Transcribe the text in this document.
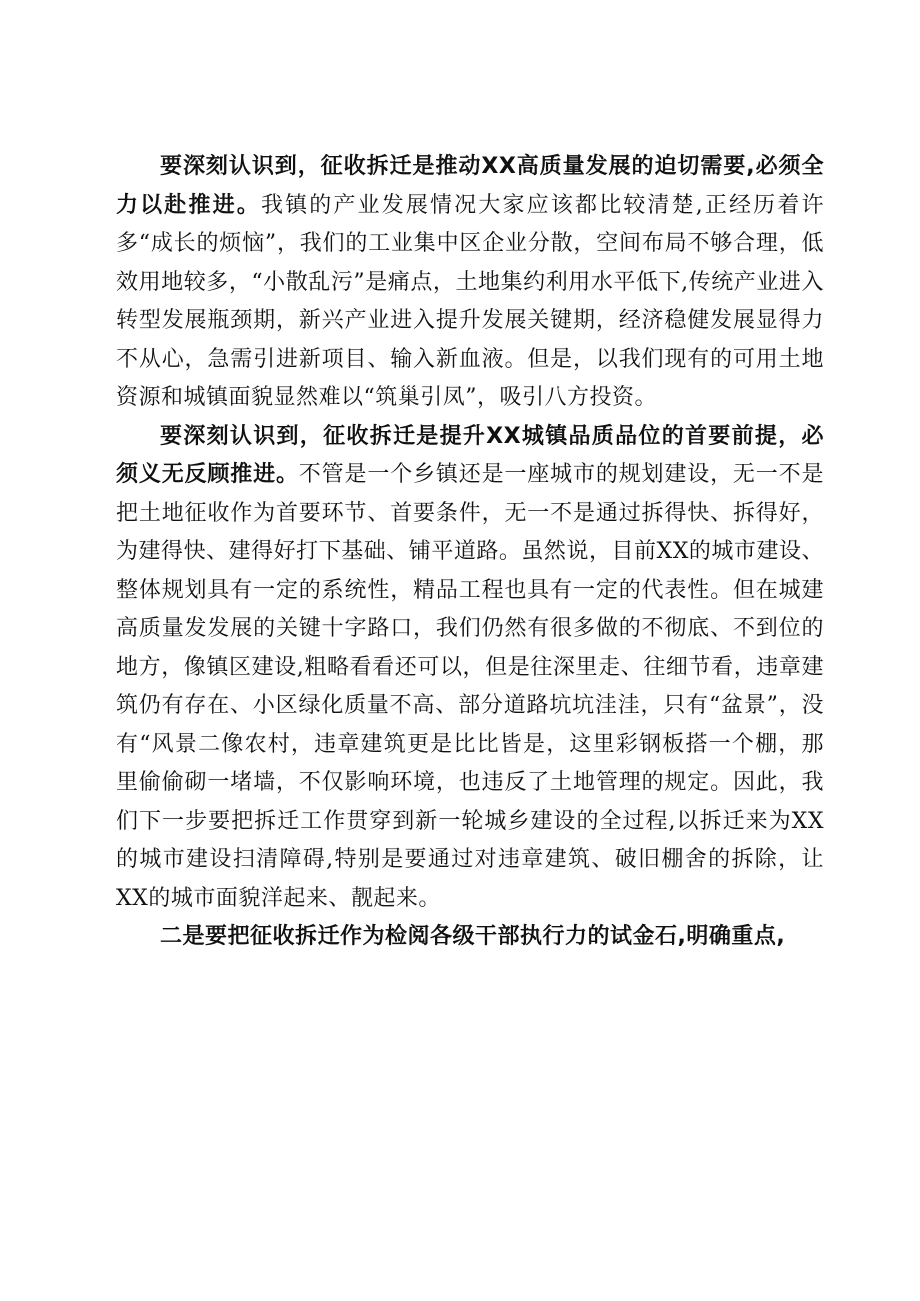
要深刻认识到，征收拆迁是推动XX高质量发展的迫切需要,必须全力以赴推进。我镇的产业发展情况大家应该都比较清楚,正经历着许多“成长的烦恼”，我们的工业集中区企业分散，空间布局不够合理，低效用地较多，“小散乱污”是痛点，土地集约利用水平低下,传统产业进入转型发展瓶颈期，新兴产业进入提升发展关键期，经济稳健发展显得力不从心，急需引进新项目、输入新血液。但是，以我们现有的可用土地资源和城镇面貌显然难以“筑巢引凤”，吸引八方投资。

要深刻认识到，征收拆迁是提升XX城镇品质品位的首要前提，必须义无反顾推进。不管是一个乡镇还是一座城市的规划建设，无一不是把土地征收作为首要环节、首要条件，无一不是通过拆得快、拆得好，为建得快、建得好打下基础、铺平道路。虽然说，目前XX的城市建设、整体规划具有一定的系统性，精品工程也具有一定的代表性。但在城建高质量发发展的关键十字路口，我们仍然有很多做的不彻底、不到位的地方，像镇区建设,粗略看看还可以，但是往深里走、往细节看，违章建筑仍有存在、小区绿化质量不高、部分道路坑坑洼洼，只有“盆景”，没有“风景二像农村，违章建筑更是比比皆是，这里彩钢板搭一个棚，那里偷偷砌一堵墙，不仅影响环境，也违反了土地管理的规定。因此，我们下一步要把拆迁工作贯穿到新一轮城乡建设的全过程,以拆迁来为XX的城市建设扫清障碍,特别是要通过对违章建筑、破旧棚舍的拆除，让XX的城市面貌洋起来、靓起来。

二是要把征收拆迁作为检阅各级干部执行力的试金石,明确重点,
